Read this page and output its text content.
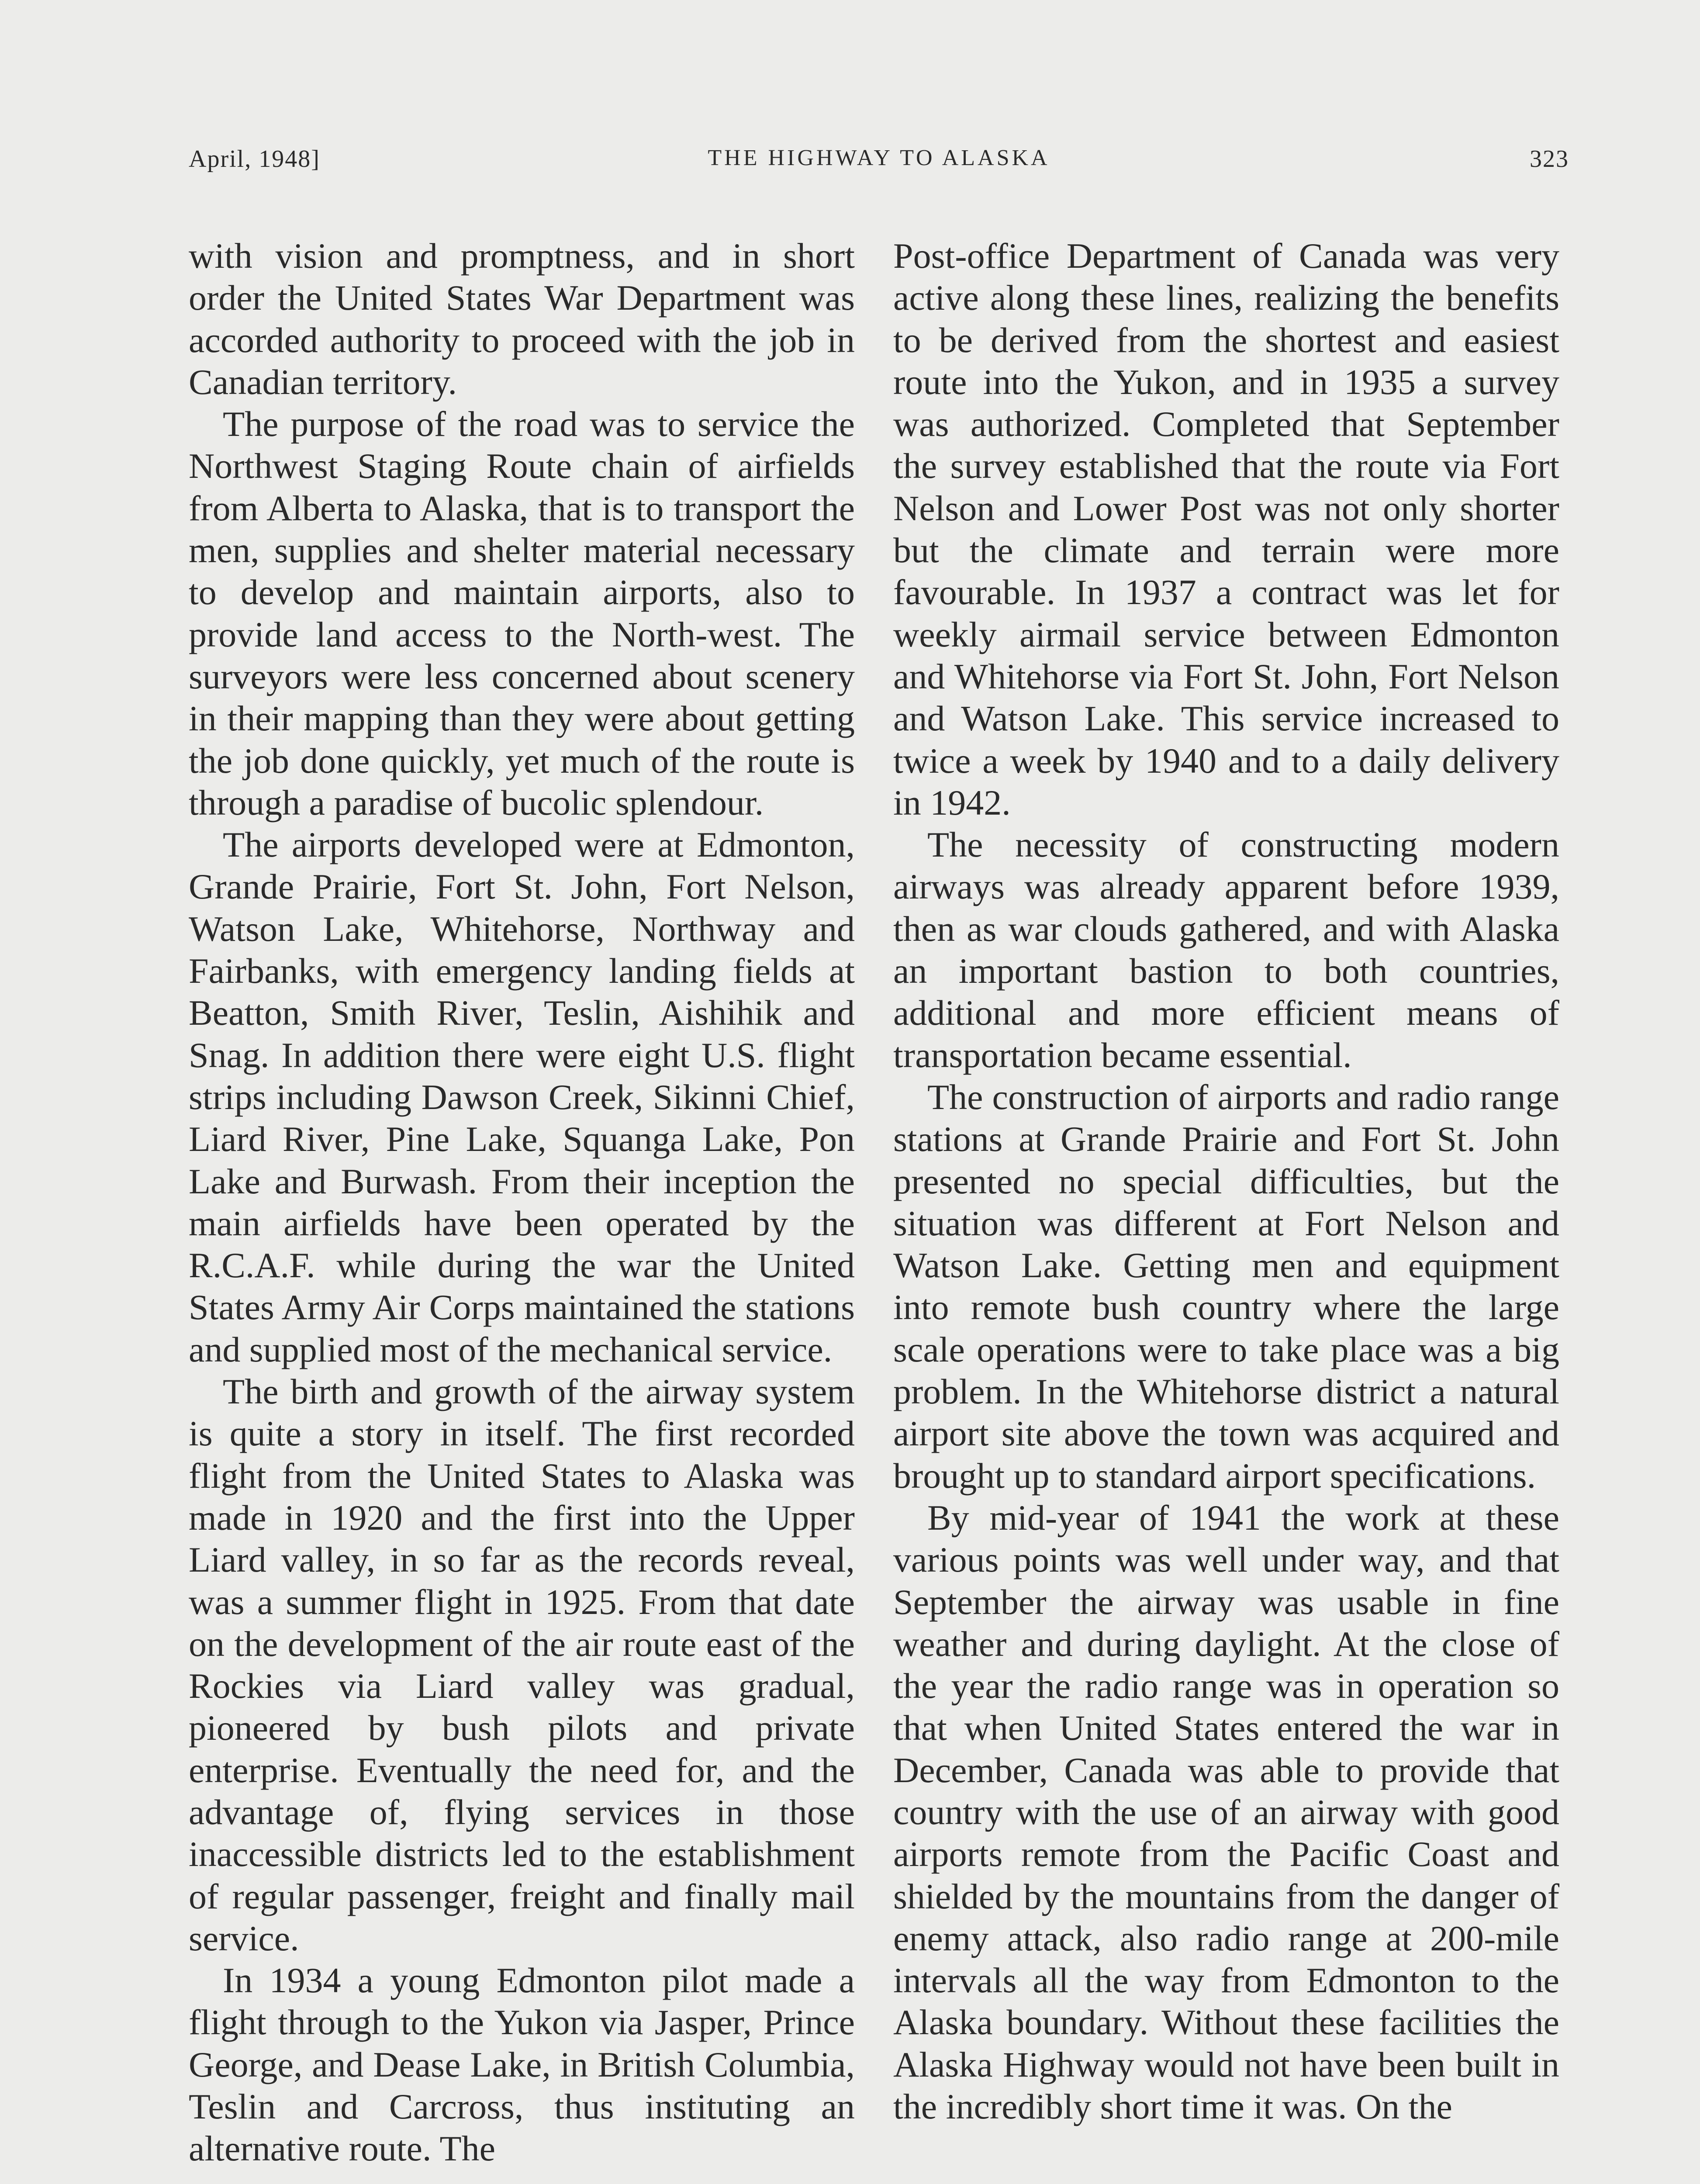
April, 1948]	THE HIGHWAY TO ALASKA	323

with vision and promptness, and in short order the United States War Department was accorded authority to proceed with the job in Canadian territory.

The purpose of the road was to service the Northwest Staging Route chain of airfields from Alberta to Alaska, that is to transport the men, supplies and shelter material necessary to develop and maintain airports, also to provide land access to the North-west. The surveyors were less concerned about scenery in their mapping than they were about getting the job done quickly, yet much of the route is through a paradise of bucolic splendour.

The airports developed were at Edmonton, Grande Prairie, Fort St. John, Fort Nelson, Watson Lake, Whitehorse, Northway and Fairbanks, with emergency landing fields at Beatton, Smith River, Teslin, Aishihik and Snag. In addition there were eight U.S. flight strips including Dawson Creek, Sikinni Chief, Liard River, Pine Lake, Squanga Lake, Pon Lake and Burwash. From their inception the main airfields have been operated by the R.C.A.F. while during the war the United States Army Air Corps maintained the stations and supplied most of the mechanical service.

The birth and growth of the airway system is quite a story in itself. The first recorded flight from the United States to Alaska was made in 1920 and the first into the Upper Liard valley, in so far as the records reveal, was a summer flight in 1925. From that date on the development of the air route east of the Rockies via Liard valley was gradual, pioneered by bush pilots and private enterprise. Eventually the need for, and the advantage of, flying services in those inaccessible districts led to the establishment of regular passenger, freight and finally mail service.

In 1934 a young Edmonton pilot made a flight through to the Yukon via Jasper, Prince George, and Dease Lake, in British Columbia, Teslin and Carcross, thus instituting an alternative route. The

Post-office Department of Canada was very active along these lines, realizing the benefits to be derived from the shortest and easiest route into the Yukon, and in 1935 a survey was authorized. Completed that September the survey established that the route via Fort Nelson and Lower Post was not only shorter but the climate and terrain were more favourable. In 1937 a contract was let for weekly airmail service between Edmonton and Whitehorse via Fort St. John, Fort Nelson and Watson Lake. This service increased to twice a week by 1940 and to a daily delivery in 1942.

The necessity of constructing modern airways was already apparent before 1939, then as war clouds gathered, and with Alaska an important bastion to both countries, additional and more efficient means of transportation became essential.

The construction of airports and radio range stations at Grande Prairie and Fort St. John presented no special difficulties, but the situation was different at Fort Nelson and Watson Lake. Getting men and equipment into remote bush country where the large scale operations were to take place was a big problem. In the Whitehorse district a natural airport site above the town was acquired and brought up to standard airport specifications.

By mid-year of 1941 the work at these various points was well under way, and that September the airway was usable in fine weather and during daylight. At the close of the year the radio range was in operation so that when United States entered the war in December, Canada was able to provide that country with the use of an airway with good airports remote from the Pacific Coast and shielded by the mountains from the danger of enemy attack, also radio range at 200-mile intervals all the way from Edmonton to the Alaska boundary. Without these facilities the Alaska Highway would not have been built in the incredibly short time it was. On the
